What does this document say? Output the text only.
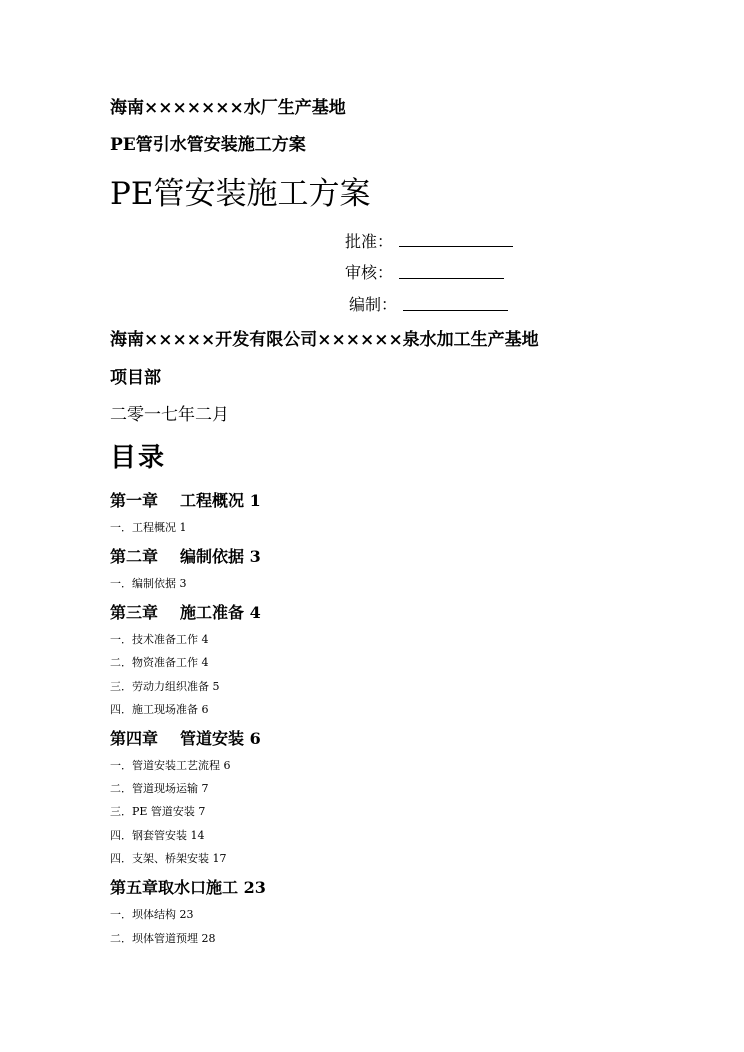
海南×××××××水厂生产基地
PE管引水管安装施工方案
PE管安装施工方案
批准：
审核：
编制：
海南×××××开发有限公司××××××泉水加工生产基地
项目部
二零一七年二月
目录
第一章 工程概况 1
一．工程概况 1
第二章 编制依据 3
一．编制依据 3
第三章 施工准备 4
一．技术准备工作 4
二．物资准备工作 4
三．劳动力组织准备 5
四．施工现场准备 6
第四章 管道安装 6
一．管道安装工艺流程 6
二．管道现场运输 7
三．PE 管道安装 7
四．钢套管安装 14
四．支架、桥架安装 17
第五章取水口施工 23
一．坝体结构 23
二．坝体管道预埋 28
